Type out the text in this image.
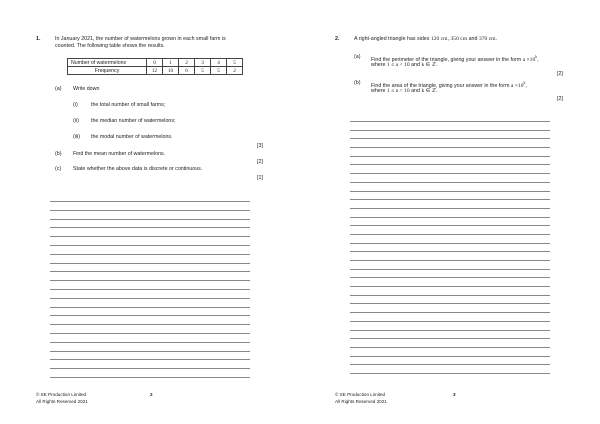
1.	In January 2021, the number of watermelons grown in each small farm is
counted. The following table shows the results.
Number of watermelons	0	1	2	3	4	5
Frequency	12	10	6	5	5	2
(a) Write down
(i)	the total number of small farms;
(ii) the median number of watermelons;
(iii) the modal number of watermelons.
[3]
(b) Find the mean number of watermelons.
[2]
(c) State whether the above data is discrete or continuous.
[1]
© SE Production Limited
All Rights Reserved 2021
2
2.	A right-angled triangle has sides 120 cm, 350 cm and 370 cm.
(a) Find the perimeter of the triangle, giving your answer in the form $a \times 10^k$,
where 1 ≤ a < 10 and k ∈ ℤ.
[2]
(b) Find the area of the triangle, giving your answer in the form $a \times 10^k$,
where 1 ≤ a < 10 and k ∈ ℤ.
[2]
© SE Production Limited
All Rights Reserved 2021
3
